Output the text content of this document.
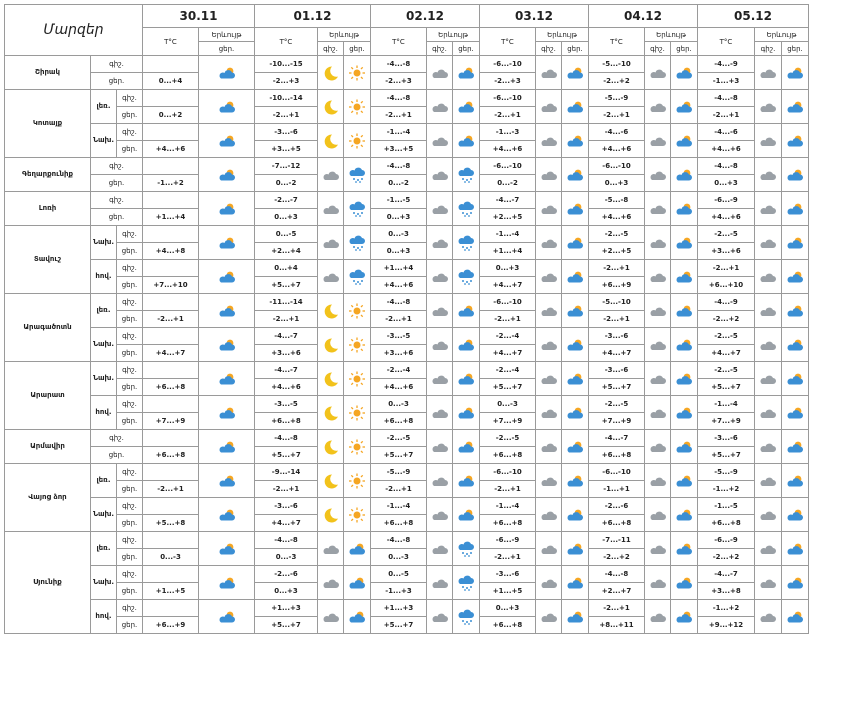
Մարզեր			30.11		01.12			02.12			03.12			04.12			05.12		
			T°C	Երևույթ	T°C	Երևույթ		T°C	Երևույթ		T°C	Երևույթ		T°C	Երևույթ		T°C	Երևույթ	
				ցեր.		գիշ.	ցեր.		գիշ.	ցեր.		գիշ.	ցեր.		գիշ.	ցեր.		գիշ.	ցեր.
Շիրակ	գիշ.				-10...-15			-4...-8			-6...-10			-5...-10			-4...-9	

	ցեր.		0...+4		-2...+3			-2...+3			-2...+3			-2...+2			-1...+3		
Կոտայք	լեռ.	գիշ.			-10...-14			-4...-8			-6...-10			-5...-9			-4...-8	

		ցեր.	0...+2		-2...+1			-2...+1			-2...+1			-2...+1			-2...+1		
	Նախ.	գիշ.			-3...-6			-1...-4			-1...-3			-4...-6			-4...-6	

		ցեր.	+4...+6		+3...+5			+3...+5			+4...+6			+4...+6			+4...+6		
Գեղարքունիք	գիշ.				-7...-12			-4...-8			-6...-10			-6...-10			-4...-8	

	ցեր.		-1...+2		0...-2			0...-2			0...-2			0...+3			0...+3		
Լոռի	գիշ.				-2...-7			-1...-5			-4...-7			-5...-8			-6...-9	

	ցեր.		+1...+4		0...+3			0...+3			+2...+5			+4...+6			+4...+6		
Տավուշ	Նախ.	գիշ.			0...-5			0...-3			-1...-4			-2...-5			-2...-5	

		ցեր.	+4...+8		+2...+4			0...+3			+1...+4			+2...+5			+3...+6		
	հով.	գիշ.			0...+4			+1...+4			0...+3			-2...+1			-2...+1	

		ցեր.	+7...+10		+5...+7			+4...+6			+4...+7			+6...+9			+6...+10		
Արագածոտն	լեռ.	գիշ.			-11...-14			-4...-8			-6...-10			-5...-10			-4...-9	

		ցեր.	-2...+1		-2...+1			-2...+1			-2...+1			-2...+1			-2...+2		
	Նախ.	գիշ.			-4...-7			-3...-5			-2...-4			-3...-6			-2...-5	

		ցեր.	+4...+7		+3...+6			+3...+6			+4...+7			+4...+7			+4...+7		
Արարատ	Նախ.	գիշ.			-4...-7			-2...-4			-2...-4			-3...-6			-2...-5	

		ցեր.	+6...+8		+4...+6			+4...+6			+5...+7			+5...+7			+5...+7		
	հով.	գիշ.			-3...-5			0...-3			0...-3			-2...-5			-1...-4	

		ցեր.	+7...+9		+6...+8			+6...+8			+7...+9			+7...+9			+7...+9		
Արմավիր	գիշ.				-4...-8			-2...-5			-2...-5			-4...-7			-3...-6	

	ցեր.		+6...+8		+5...+7			+5...+7			+6...+8			+6...+8			+5...+7		
Վայոց ձոր	լեռ.	գիշ.			-9...-14			-5...-9			-6...-10			-6...-10			-5...-9	

		ցեր.	-2...+1		-2...+1			-2...+1			-2...+1			-1...+1			-1...+2		
	Նախ.	գիշ.			-3...-6			-1...-4			-1...-4			-2...-6			-1...-5	

		ցեր.	+5...+8		+4...+7			+6...+8			+6...+8			+6...+8			+6...+8		
Սյունիք	լեռ.	գիշ.			-4...-8			-4...-8			-6...-9			-7...-11			-6...-9	

		ցեր.	0...-3		0...-3			0...-3			-2...+1			-2...+2			-2...+2		
	Նախ.	գիշ.			-2...-6			0...-5			-3...-6			-4...-8			-4...-7	

		ցեր.	+1...+5		0...+3			-1...+3			+1...+5			+2...+7			+3...+8		
	հով.	գիշ.			+1...+3			+1...+3			0...+3			-2...+1			-1...+2	

		ցեր.	+6...+9		+5...+7			+5...+7			+6...+8			+8...+11			+9...+12		
